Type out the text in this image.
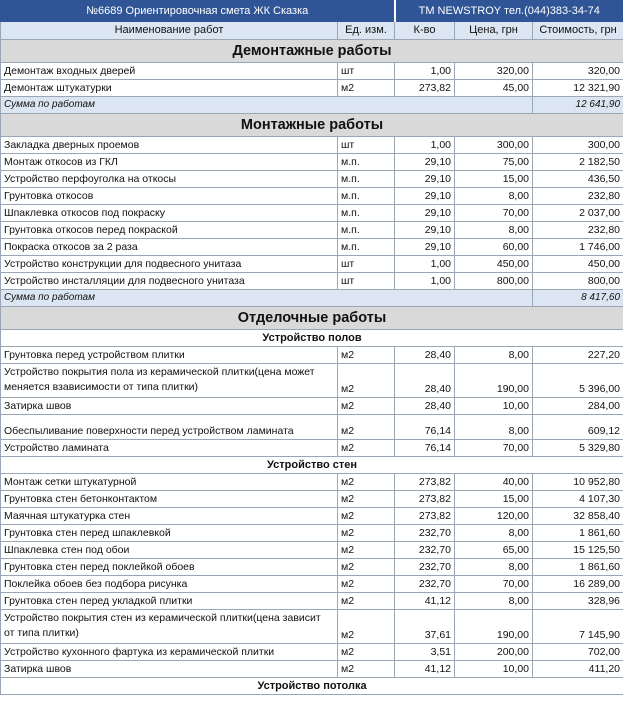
№6689 Ориентировочная смета ЖК Сказка		TM NEWSTROY тел.(044)383-34-74		
Наименование работ	Ед. изм.	К-во	Цена, грн	Стоимость, грн
Демонтажные работы				
Демонтаж входных дверей	шт	1,00	320,00	320,00
Демонтаж штукатурки	м2	273,82	45,00	12 321,90
Сумма по работам				12 641,90
Монтажные работы				
Закладка дверных проемов	шт	1,00	300,00	300,00
Монтаж откосов из ГКЛ	м.п.	29,10	75,00	2 182,50
Устройство перфоуголка на откосы	м.п.	29,10	15,00	436,50
Грунтовка откосов	м.п.	29,10	8,00	232,80
Шпаклевка откосов под покраску	м.п.	29,10	70,00	2 037,00
Грунтовка откосов перед покраской	м.п.	29,10	8,00	232,80
Покраска откосов за 2 раза	м.п.	29,10	60,00	1 746,00
Устройство конструкции для подвесного унитаза	шт	1,00	450,00	450,00
Устройство инсталляции для подвесного унитаза	шт	1,00	800,00	800,00
Сумма по работам				8 417,60
Отделочные работы				
Устройство полов				
Грунтовка перед устройством плитки	м2	28,40	8,00	227,20
Устройство покрытия пола из керамической плитки(цена может меняется взависимости от типа плитки)	м2	28,40	190,00	5 396,00
Затирка швов	м2	28,40	10,00	284,00
Обеспыливание поверхности перед устройством ламината	м2	76,14	8,00	609,12
Устройство ламината	м2	76,14	70,00	5 329,80
Устройство стен				
Монтаж сетки штукатурной	м2	273,82	40,00	10 952,80
Грунтовка стен бетонконтактом	м2	273,82	15,00	4 107,30
Маячная штукатурка стен	м2	273,82	120,00	32 858,40
Грунтовка стен перед шпаклевкой	м2	232,70	8,00	1 861,60
Шпаклевка стен под обои	м2	232,70	65,00	15 125,50
Грунтовка стен перед поклейкой обоев	м2	232,70	8,00	1 861,60
Поклейка обоев без подбора рисунка	м2	232,70	70,00	16 289,00
Грунтовка стен перед укладкой плитки	м2	41,12	8,00	328,96
Устройство покрытия стен из керамической плитки(цена зависит от типа плитки)	м2	37,61	190,00	7 145,90
Устройство кухонного фартука из керамической плитки	м2	3,51	200,00	702,00
Затирка швов	м2	41,12	10,00	411,20
Устройство потолка				
